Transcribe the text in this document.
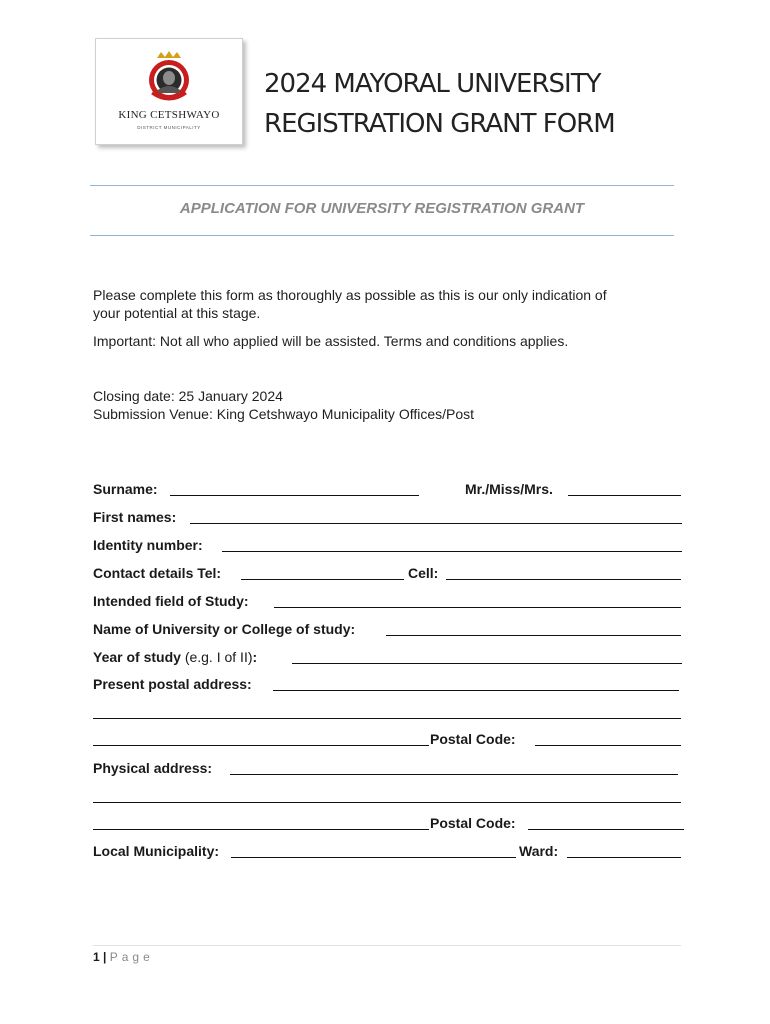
KING CETSHWAYO
DISTRICT MUNICIPALITY
2024 MAYORAL UNIVERSITY
REGISTRATION GRANT FORM
APPLICATION FOR UNIVERSITY REGISTRATION GRANT
Please complete this form as thoroughly as possible as this is our only indication of
your potential at this stage.
Important: Not all who applied will be assisted. Terms and conditions applies.
Closing date: 25 January 2024
Submission Venue: King Cetshwayo Municipality Offices/Post
Surname:	Mr./Miss/Mrs.
First names:
Identity number:
Contact details Tel:	Cell:
Intended field of Study:
Name of University or College of study:
Year of study (e.g. I of II):
Present postal address:
Postal Code:
Physical address:
Postal Code:
Local Municipality:	Ward:
1 | Page
